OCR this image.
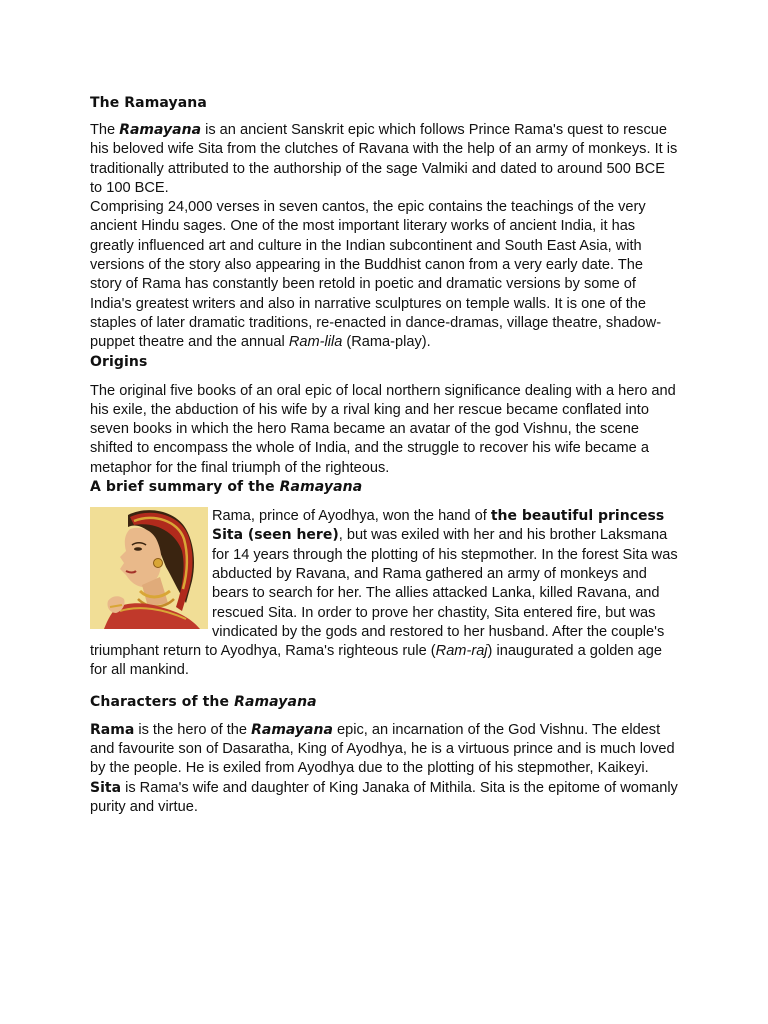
The Ramayana

The Ramayana is an ancient Sanskrit epic which follows Prince Rama's quest to rescue his beloved wife Sita from the clutches of Ravana with the help of an army of monkeys. It is traditionally attributed to the authorship of the sage Valmiki and dated to around 500 BCE to 100 BCE.

Comprising 24,000 verses in seven cantos, the epic contains the teachings of the very ancient Hindu sages. One of the most important literary works of ancient India, it has greatly influenced art and culture in the Indian subcontinent and South East Asia, with versions of the story also appearing in the Buddhist canon from a very early date. The story of Rama has constantly been retold in poetic and dramatic versions by some of India's greatest writers and also in narrative sculptures on temple walls. It is one of the staples of later dramatic traditions, re-enacted in dance-dramas, village theatre, shadow-puppet theatre and the annual Ram-lila (Rama-play).

Origins

The original five books of an oral epic of local northern significance dealing with a hero and his exile, the abduction of his wife by a rival king and her rescue became conflated into seven books in which the hero Rama became an avatar of the god Vishnu, the scene shifted to encompass the whole of India, and the struggle to recover his wife became a metaphor for the final triumph of the righteous.

A brief summary of the Ramayana

Rama, prince of Ayodhya, won the hand of the beautiful princess Sita (seen here), but was exiled with her and his brother Laksmana for 14 years through the plotting of his stepmother. In the forest Sita was abducted by Ravana, and Rama gathered an army of monkeys and bears to search for her. The allies attacked Lanka, killed Ravana, and rescued Sita. In order to prove her chastity, Sita entered fire, but was vindicated by the gods and restored to her husband. After the couple's triumphant return to Ayodhya, Rama's righteous rule (Ram-raj) inaugurated a golden age for all mankind.

Characters of the Ramayana

Rama is the hero of the Ramayana epic, an incarnation of the God Vishnu. The eldest and favourite son of Dasaratha, King of Ayodhya, he is a virtuous prince and is much loved by the people. He is exiled from Ayodhya due to the plotting of his stepmother, Kaikeyi.

Sita is Rama's wife and daughter of King Janaka of Mithila. Sita is the epitome of womanly purity and virtue.
